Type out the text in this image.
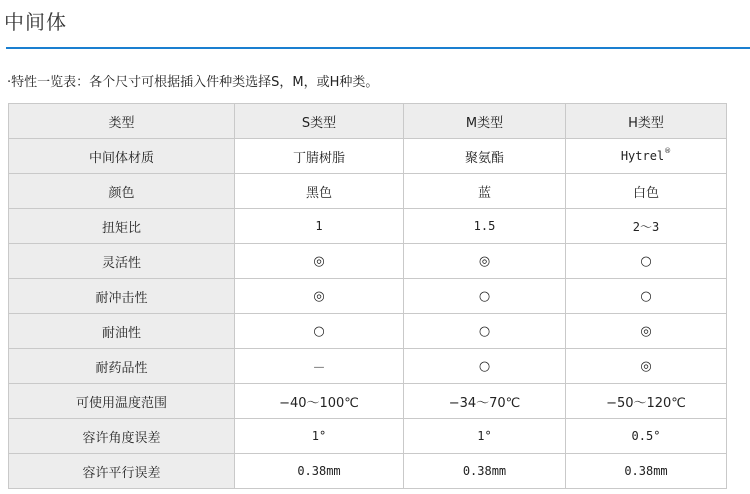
中间体
·特性一览表：各个尺寸可根据插入件种类选择S，M，或H种类。
类型	S类型	M类型	H类型
中间体材质	丁腈树脂	聚氨酯	Hytrel®
颜色	黑色	蓝	白色
扭矩比	1	1.5	2～3
灵活性	◎	◎	○
耐冲击性	◎	○	○
耐油性	○	○	◎
耐药品性	－	○	◎
可使用温度范围	−40～100℃	−34～70℃	−50～120℃
容许角度误差	1°	1°	0.5°
容许平行误差	0.38mm	0.38mm	0.38mm
